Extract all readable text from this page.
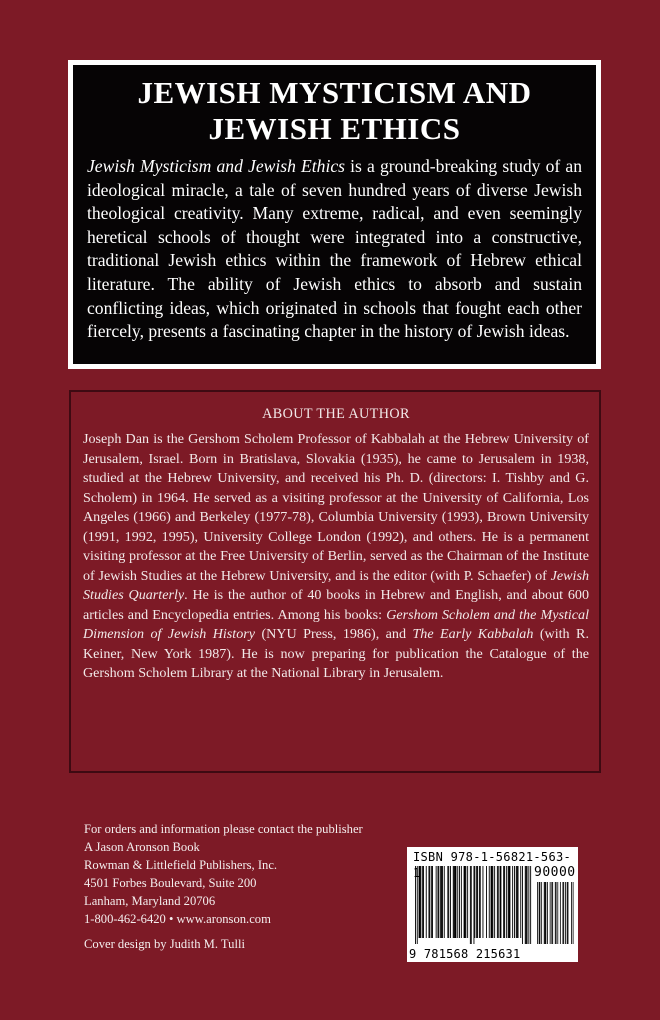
JEWISH MYSTICISM AND
JEWISH ETHICS

Jewish Mysticism and Jewish Ethics is a ground-breaking study of an ideological miracle, a tale of seven hundred years of diverse Jewish theological creativity. Many extreme, radical, and even seemingly heretical schools of thought were integrated into a constructive, traditional Jewish ethics within the framework of Hebrew ethical literature. The ability of Jewish ethics to absorb and sustain conflicting ideas, which originated in schools that fought each other fiercely, presents a fascinating chapter in the history of Jewish ideas.

ABOUT THE AUTHOR

Joseph Dan is the Gershom Scholem Professor of Kabbalah at the Hebrew University of Jerusalem, Israel. Born in Bratislava, Slovakia (1935), he came to Jerusalem in 1938, studied at the Hebrew University, and received his Ph. D. (directors: I. Tishby and G. Scholem) in 1964. He served as a visiting professor at the University of California, Los Angeles (1966) and Berkeley (1977-78), Columbia University (1993), Brown University (1991, 1992, 1995), University College London (1992), and others. He is a permanent visiting professor at the Free University of Berlin, served as the Chairman of the Institute of Jewish Studies at the Hebrew University, and is the editor (with P. Schaefer) of Jewish Studies Quarterly. He is the author of 40 books in Hebrew and English, and about 600 articles and Encyclopedia entries. Among his books: Gershom Scholem and the Mystical Dimension of Jewish History (NYU Press, 1986), and The Early Kabbalah (with R. Keiner, New York 1987). He is now preparing for publication the Catalogue of the Gershom Scholem Library at the National Library in Jerusalem.

For orders and information please contact the publisher
A Jason Aronson Book
Rowman & Littlefield Publishers, Inc.
4501 Forbes Boulevard, Suite 200
Lanham, Maryland 20706
1-800-462-6420 • www.aronson.com
Cover design by Judith M. Tulli
ISBN 978-1-56821-563-1	90000
9 781568 215631
